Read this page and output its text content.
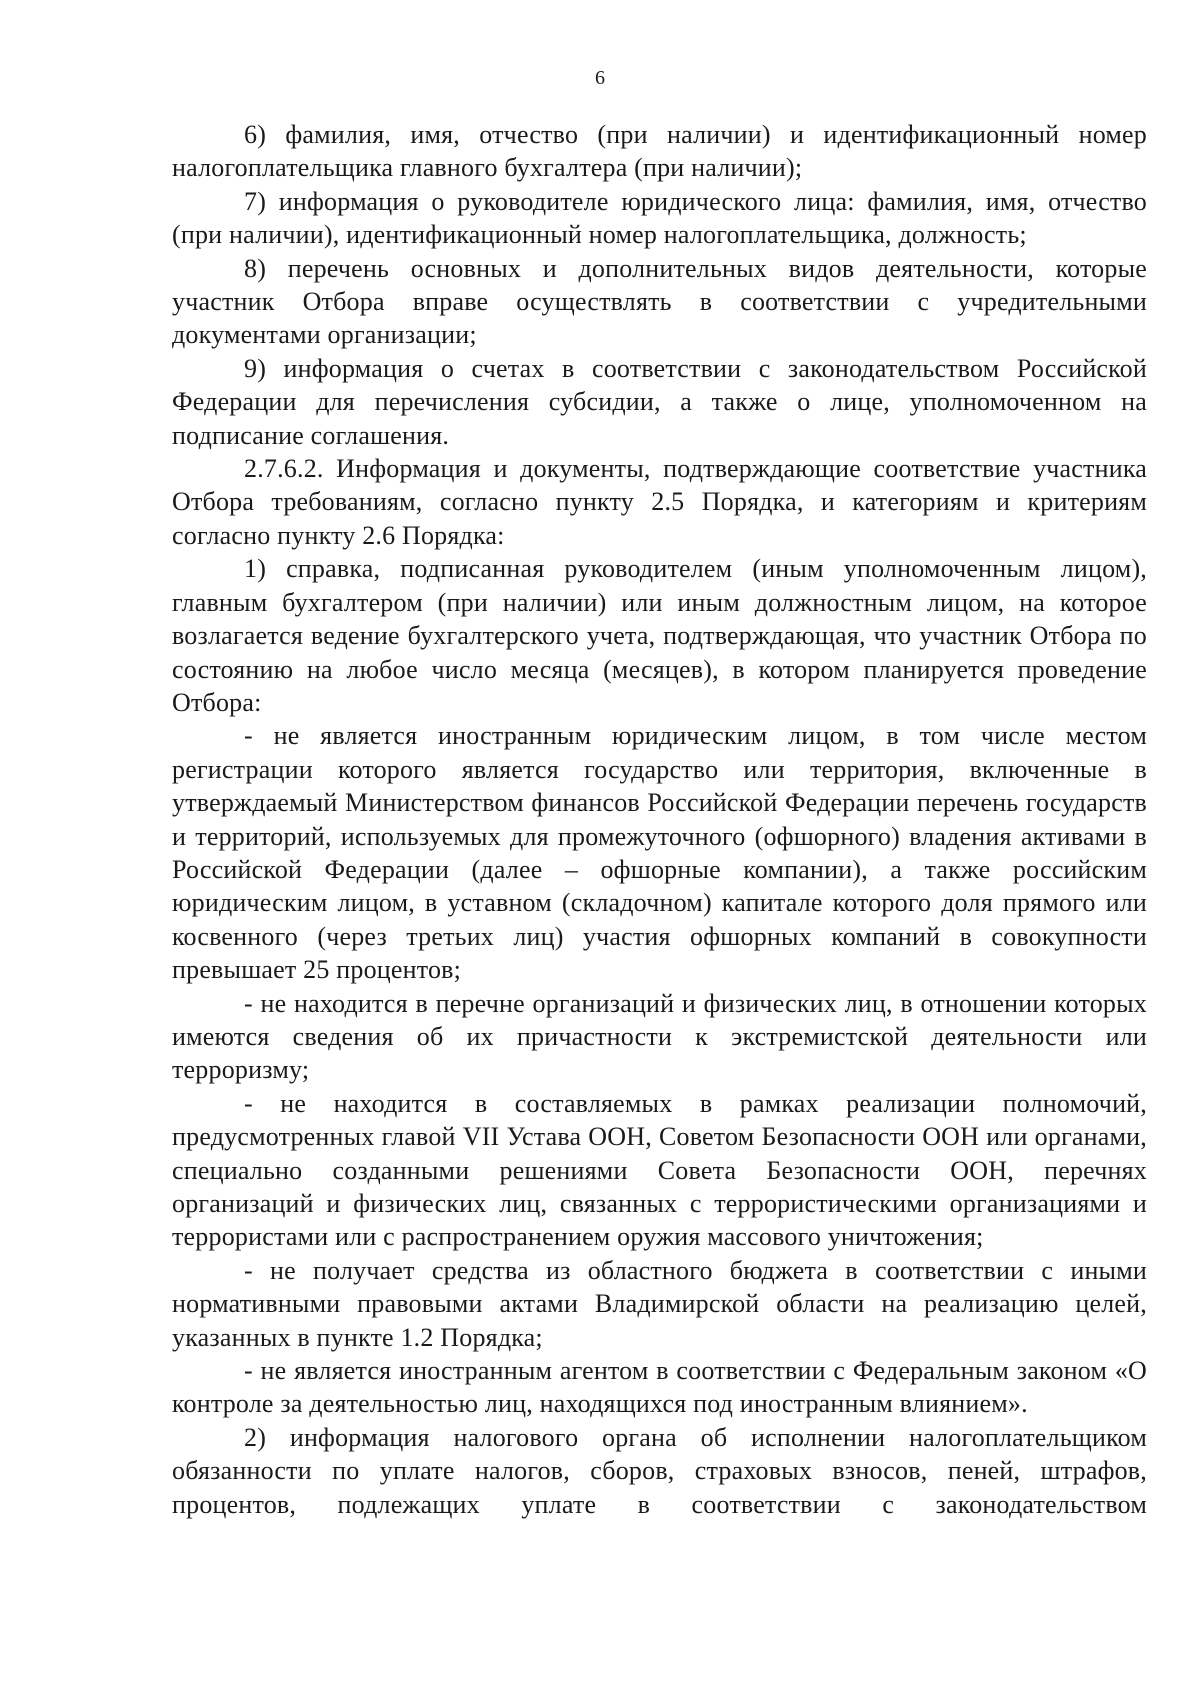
6

6) фамилия, имя, отчество (при наличии) и идентификационный номер налогоплательщика главного бухгалтера (при наличии);

7) информация о руководителе юридического лица: фамилия, имя, отчество (при наличии), идентификационный номер налогоплательщика, должность;

8) перечень основных и дополнительных видов деятельности, которые участник Отбора вправе осуществлять в соответствии с учредительными документами организации;

9) информация о счетах в соответствии с законодательством Российской Федерации для перечисления субсидии, а также о лице, уполномоченном на подписание соглашения.

2.7.6.2. Информация и документы, подтверждающие соответствие участника Отбора требованиям, согласно пункту 2.5 Порядка, и категориям и критериям согласно пункту 2.6 Порядка:

1) справка, подписанная руководителем (иным уполномоченным лицом), главным бухгалтером (при наличии) или иным должностным лицом, на которое возлагается ведение бухгалтерского учета, подтверждающая, что участник Отбора по состоянию на любое число месяца (месяцев), в котором планируется проведение Отбора:

- не является иностранным юридическим лицом, в том числе местом регистрации которого является государство или территория, включенные в утверждаемый Министерством финансов Российской Федерации перечень государств и территорий, используемых для промежуточного (офшорного) владения активами в Российской Федерации (далее – офшорные компании), а также российским юридическим лицом, в уставном (складочном) капитале которого доля прямого или косвенного (через третьих лиц) участия офшорных компаний в совокупности превышает 25 процентов;

- не находится в перечне организаций и физических лиц, в отношении которых имеются сведения об их причастности к экстремистской деятельности или терроризму;

- не находится в составляемых в рамках реализации полномочий, предусмотренных главой VII Устава ООН, Советом Безопасности ООН или органами, специально созданными решениями Совета Безопасности ООН, перечнях организаций и физических лиц, связанных с террористическими организациями и террористами или с распространением оружия массового уничтожения;

- не получает средства из областного бюджета в соответствии с иными нормативными правовыми актами Владимирской области на реализацию целей, указанных в пункте 1.2 Порядка;

- не является иностранным агентом в соответствии с Федеральным законом «О контроле за деятельностью лиц, находящихся под иностранным влиянием».

2) информация налогового органа об исполнении налогоплательщиком обязанности по уплате налогов, сборов, страховых взносов, пеней, штрафов, процентов, подлежащих уплате в соответствии с законодательством
